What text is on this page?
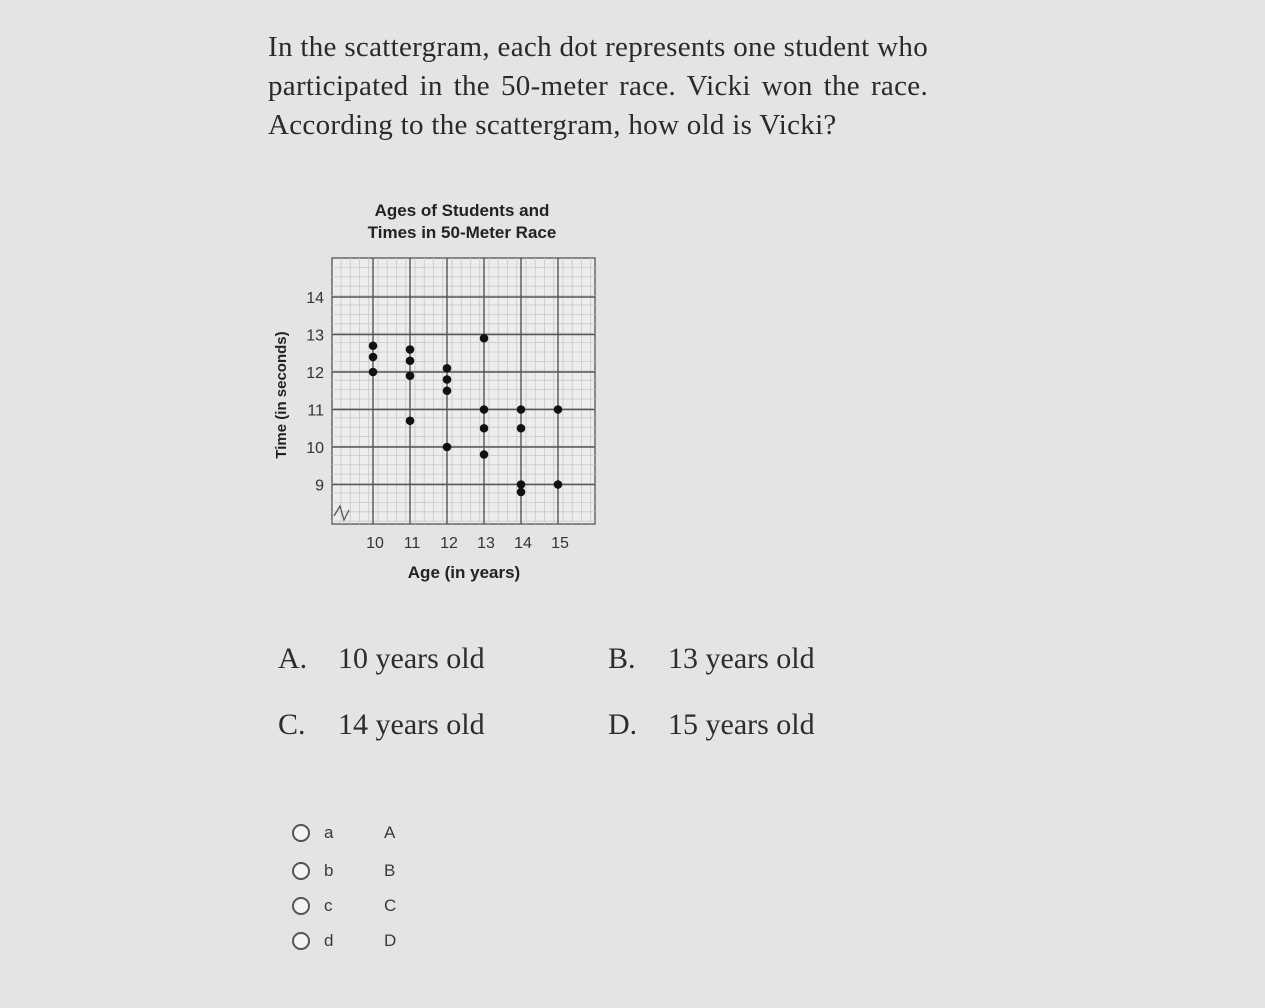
In the scattergram, each dot represents one student who participated in the 50-meter race. Vicki won the race. According to the scattergram, how old is Vicki?
Ages of Students and
Times in 50-Meter Race
10 11 12 13 14 15
9
10
11
12
13
14
Age (in years)
Time (in seconds)
A. 10 years old	B. 13 years old
C. 14 years old	D. 15 years old
a	A
b	B
c	C
d	D
